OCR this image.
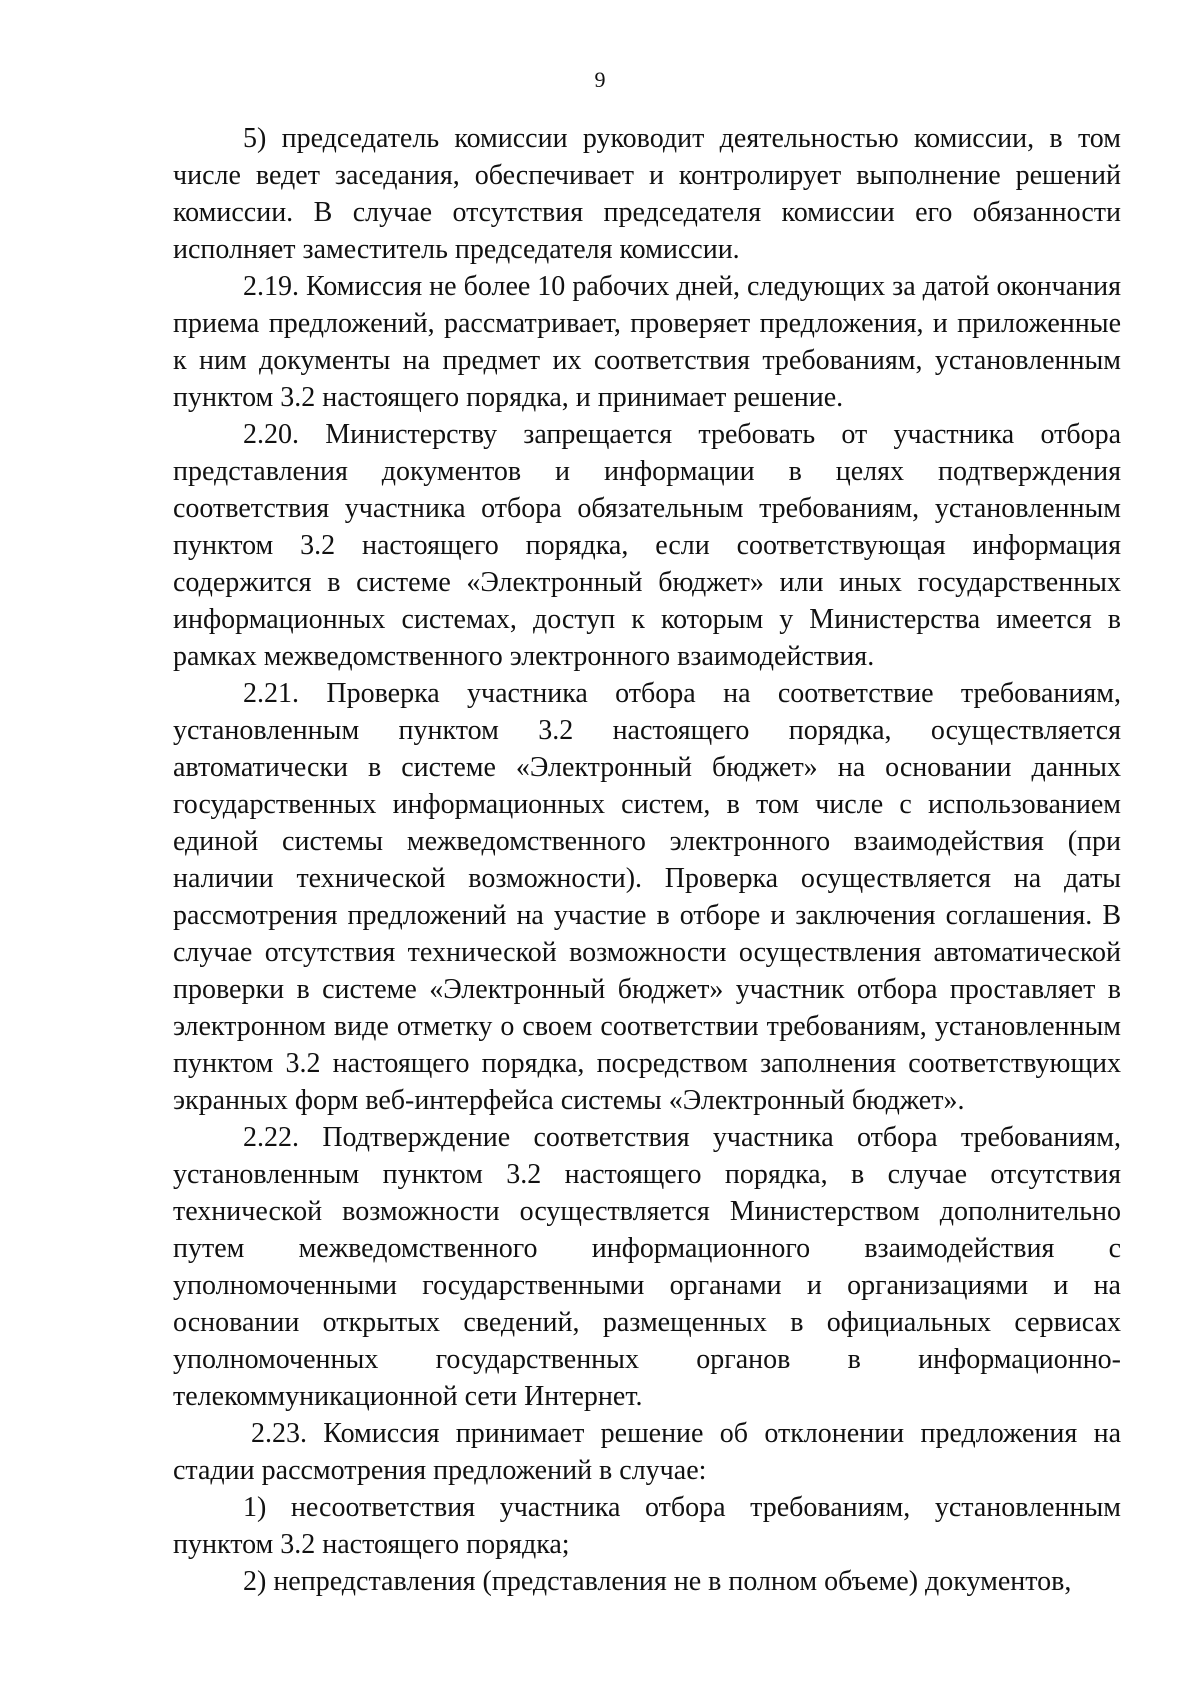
9

5) председатель комиссии руководит деятельностью комиссии, в том числе ведет заседания, обеспечивает и контролирует выполнение решений комиссии. В случае отсутствия председателя комиссии его обязанности исполняет заместитель председателя комиссии.

2.19. Комиссия не более 10 рабочих дней, следующих за датой окончания приема предложений, рассматривает, проверяет предложения, и приложенные к ним документы на предмет их соответствия требованиям, установленным пунктом 3.2 настоящего порядка, и принимает решение.

2.20. Министерству запрещается требовать от участника отбора представления документов и информации в целях подтверждения соответствия участника отбора обязательным требованиям, установленным пунктом 3.2 настоящего порядка, если соответствующая информация содержится в системе «Электронный бюджет» или иных государственных информационных системах, доступ к которым у Министерства имеется в рамках межведомственного электронного взаимодействия.

2.21. Проверка участника отбора на соответствие требованиям, установленным пунктом 3.2 настоящего порядка, осуществляется автоматически в системе «Электронный бюджет» на основании данных государственных информационных систем, в том числе с использованием единой системы межведомственного электронного взаимодействия (при наличии технической возможности). Проверка осуществляется на даты рассмотрения предложений на участие в отборе и заключения соглашения. В случае отсутствия технической возможности осуществления автоматической проверки в системе «Электронный бюджет» участник отбора проставляет в электронном виде отметку о своем соответствии требованиям, установленным пунктом 3.2 настоящего порядка, посредством заполнения соответствующих экранных форм веб-интерфейса системы «Электронный бюджет».

2.22. Подтверждение соответствия участника отбора требованиям, установленным пунктом 3.2 настоящего порядка, в случае отсутствия технической возможности осуществляется Министерством дополнительно путем межведомственного информационного взаимодействия с уполномоченными государственными органами и организациями и на основании открытых сведений, размещенных в официальных сервисах уполномоченных государственных органов в информационно-телекоммуникационной сети Интернет.

2.23. Комиссия принимает решение об отклонении предложения на стадии рассмотрения предложений в случае:

1) несоответствия участника отбора требованиям, установленным пунктом 3.2 настоящего порядка;

2) непредставления (представления не в полном объеме) документов,
